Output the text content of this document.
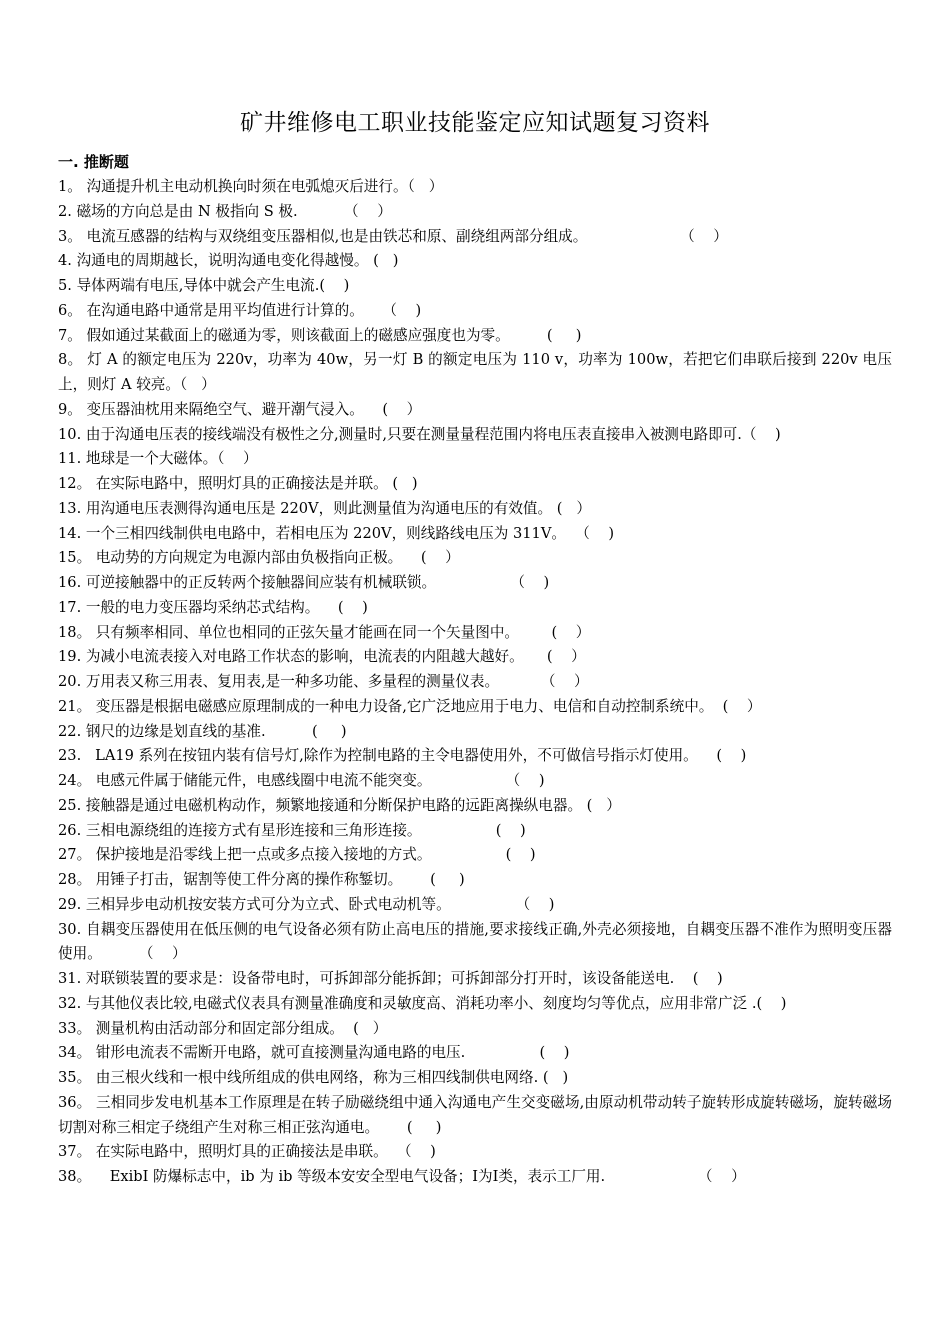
矿井维修电工职业技能鉴定应知试题复习资料
一. 推断题
1。 沟通提升机主电动机换向时须在电弧熄灭后进行。（   ）
2. 磁场的方向总是由 N 极指向 S 极.          （    ）
3。 电流互感器的结构与双绕组变压器相似,也是由铁芯和原、副绕组两部分组成。                    （    ）
4. 沟通电的周期越长，说明沟通电变化得越慢。 (   )
5. 导体两端有电压,导体中就会产生电流.(    )
6。 在沟通电路中通常是用平均值进行计算的。    （    )
7。 假如通过某截面上的磁通为零，则该截面上的磁感应强度也为零。        (     )
8。 灯 A 的额定电压为 220v，功率为 40w，另一灯 B 的额定电压为 110 v，功率为 100w，若把它们串联后接到 220v 电压上，则灯 A 较亮。（   ）
9。 变压器油枕用来隔绝空气、避开潮气浸入。    (    ）
10. 由于沟通电压表的接线端没有极性之分,测量时,只要在测量量程范围内将电压表直接串入被测电路即可.（    )
11. 地球是一个大磁体。（    ）
12。 在实际电路中，照明灯具的正确接法是并联。 (   )
13. 用沟通电压表测得沟通电压是 220V，则此测量值为沟通电压的有效值。 (   ）
14. 一个三相四线制供电电路中，若相电压为 220V，则线路线电压为 311V。  （    )
15。 电动势的方向规定为电源内部由负极指向正极。    (    ）
16. 可逆接触器中的正反转两个接触器间应装有机械联锁。                （    )
17. 一般的电力变压器均采纳芯式结构。    (    )
18。 只有频率相同、单位也相同的正弦矢量才能画在同一个矢量图中。       (    ）
19. 为减小电流表接入对电路工作状态的影响，电流表的内阻越大越好。     (    ）
20. 万用表又称三用表、复用表,是一种多功能、多量程的测量仪表。         （    ）
21。 变压器是根据电磁感应原理制成的一种电力设备,它广泛地应用于电力、电信和自动控制系统中。  (    ）
22. 钢尺的边缘是划直线的基准.          (     )
23.   LA19 系列在按钮内装有信号灯,除作为控制电路的主令电器使用外，不可做信号指示灯使用。    (    )
24。 电感元件属于储能元件，电感线圈中电流不能突变。                （    )
25. 接触器是通过电磁机构动作，频繁地接通和分断保护电路的远距离操纵电器。 (   ）
26. 三相电源绕组的连接方式有星形连接和三角形连接。                (    )
27。 保护接地是沿零线上把一点或多点接入接地的方式。                (    )
28。 用锤子打击，锯割等使工件分离的操作称錾切。      (     )
29. 三相异步电动机按安装方式可分为立式、卧式电动机等。              （    )
30. 自耦变压器使用在低压侧的电气设备必须有防止高电压的措施,要求接线正确,外壳必须接地，自耦变压器不准作为照明变压器使用。        （    ）
31. 对联锁装置的要求是：设备带电时，可拆卸部分能拆卸；可拆卸部分打开时，该设备能送电.    (    )
32. 与其他仪表比较,电磁式仪表具有测量准确度和灵敏度高、消耗功率小、刻度均匀等优点，应用非常广泛 .(    )
33。 测量机构由活动部分和固定部分组成。  (   ）
34。 钳形电流表不需断开电路，就可直接测量沟通电路的电压.                (    )
35。 由三根火线和一根中线所组成的供电网络，称为三相四线制供电网络. (   )
36。 三相同步发电机基本工作原理是在转子励磁绕组中通入沟通电产生交变磁场,由原动机带动转子旋转形成旋转磁场，旋转磁场切割对称三相定子绕组产生对称三相正弦沟通电。      (     )
37。 在实际电路中，照明灯具的正确接法是串联。  （    )
38。    ExibⅠ 防爆标志中，ib 为 ib 等级本安安全型电气设备；Ⅰ为Ⅰ类，表示工厂用.                    （    ）
